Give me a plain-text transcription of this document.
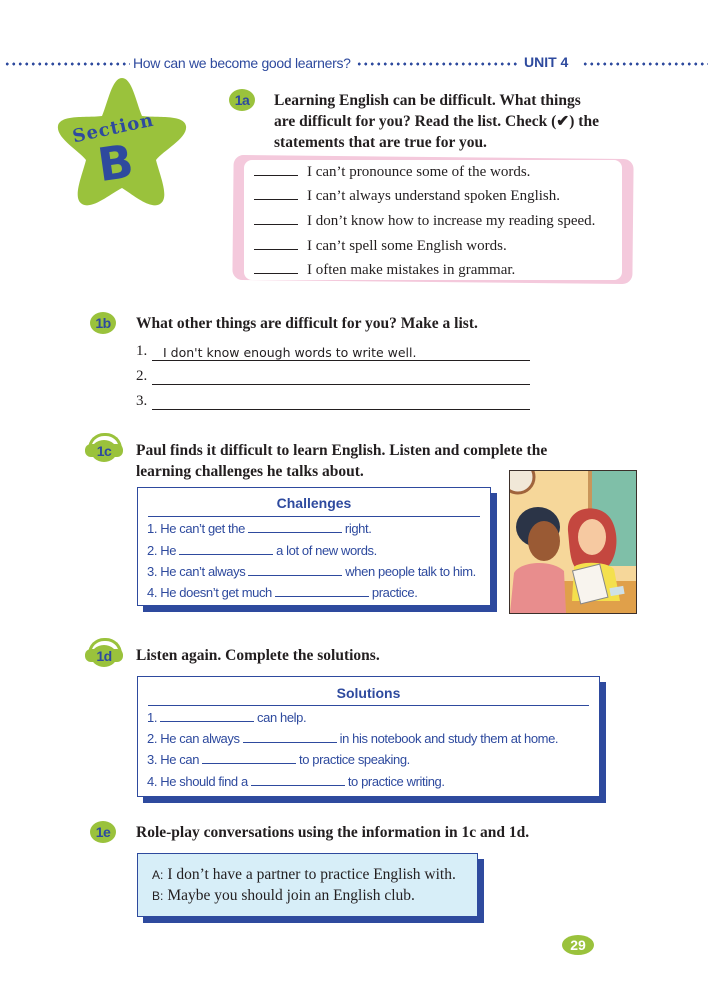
How can we become good learners?	UNIT 4
Section
B
1a	Learning English can be difficult. What things
are difficult for you? Read the list. Check (✔) the
statements that are true for you.
I can’t pronounce some of the words.
I can’t always understand spoken English.
I don’t know how to increase my reading speed.
I can’t spell some English words.
I often make mistakes in grammar.
1b	What other things are difficult for you? Make a list.
1. I don't know enough words to write well.
2.
3.
1c	Paul finds it difficult to learn English. Listen and complete the
learning challenges he talks about.
Challenges
1. He can’t get the	right.
2. He	a lot of new words.
3. He can’t always	when people talk to him.
4. He doesn’t get much	practice.
1d	Listen again. Complete the solutions.
Solutions
1.	can help.
2. He can always	in his notebook and study them at home.
3. He can	to practice speaking.
4. He should find a	to practice writing.
1e	Role-play conversations using the information in 1c and 1d.
A: I don’t have a partner to practice English with.
B: Maybe you should join an English club.
29
